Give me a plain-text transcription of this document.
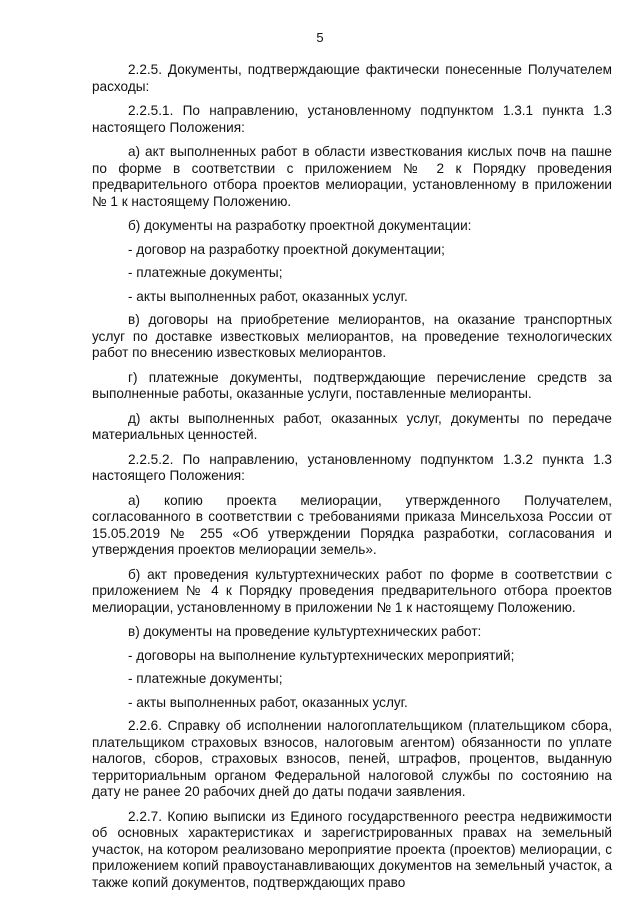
5

2.2.5. Документы, подтверждающие фактически понесенные Получателем расходы:

2.2.5.1. По направлению, установленному подпунктом 1.3.1 пункта 1.3 настоящего Положения:

а) акт выполненных работ в области известкования кислых почв на пашне по форме в соответствии с приложением № 2 к Порядку проведения предварительного отбора проектов мелиорации, установленному в приложении № 1 к настоящему Положению.

б) документы на разработку проектной документации:

- договор на разработку проектной документации;

- платежные документы;

- акты выполненных работ, оказанных услуг.

в) договоры на приобретение мелиорантов, на оказание транспортных услуг по доставке известковых мелиорантов, на проведение технологических работ по внесению известковых мелиорантов.

г) платежные документы, подтверждающие перечисление средств за выполненные работы, оказанные услуги, поставленные мелиоранты.

д) акты выполненных работ, оказанных услуг, документы по передаче материальных ценностей.

2.2.5.2. По направлению, установленному подпунктом 1.3.2 пункта 1.3 настоящего Положения:

а) копию проекта мелиорации, утвержденного Получателем, согласованного в соответствии с требованиями приказа Минсельхоза России от 15.05.2019 № 255 «Об утверждении Порядка разработки, согласования и утверждения проектов мелиорации земель».

б) акт проведения культуртехнических работ по форме в соответствии с приложением № 4 к Порядку проведения предварительного отбора проектов мелиорации, установленному в приложении № 1 к настоящему Положению.

в) документы на проведение культуртехнических работ:

- договоры на выполнение культуртехнических мероприятий;

- платежные документы;

- акты выполненных работ, оказанных услуг.

2.2.6. Справку об исполнении налогоплательщиком (плательщиком сбора, плательщиком страховых взносов, налоговым агентом) обязанности по уплате налогов, сборов, страховых взносов, пеней, штрафов, процентов, выданную территориальным органом Федеральной налоговой службы по состоянию на дату не ранее 20 рабочих дней до даты подачи заявления.

2.2.7. Копию выписки из Единого государственного реестра недвижимости об основных характеристиках и зарегистрированных правах на земельный участок, на котором реализовано мероприятие проекта (проектов) мелиорации, с приложением копий правоустанавливающих документов на земельный участок, а также копий документов, подтверждающих право
